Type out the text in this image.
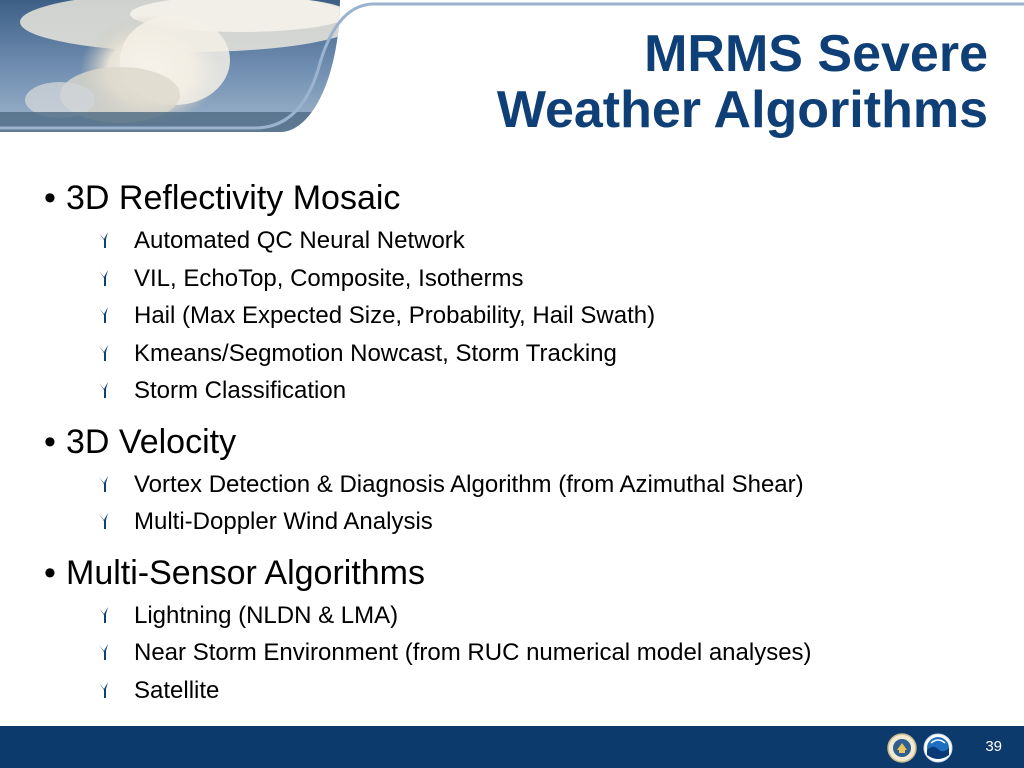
MRMS Severe
Weather Algorithms
• 3D Reflectivity Mosaic
Automated QC Neural Network
VIL, EchoTop, Composite, Isotherms
Hail (Max Expected Size, Probability, Hail Swath)
Kmeans/Segmotion Nowcast, Storm Tracking
Storm Classification
• 3D Velocity
Vortex Detection & Diagnosis Algorithm (from Azimuthal Shear)
Multi-Doppler Wind Analysis
• Multi-Sensor Algorithms
Lightning (NLDN & LMA)
Near Storm Environment (from RUC numerical model analyses)
Satellite
39
